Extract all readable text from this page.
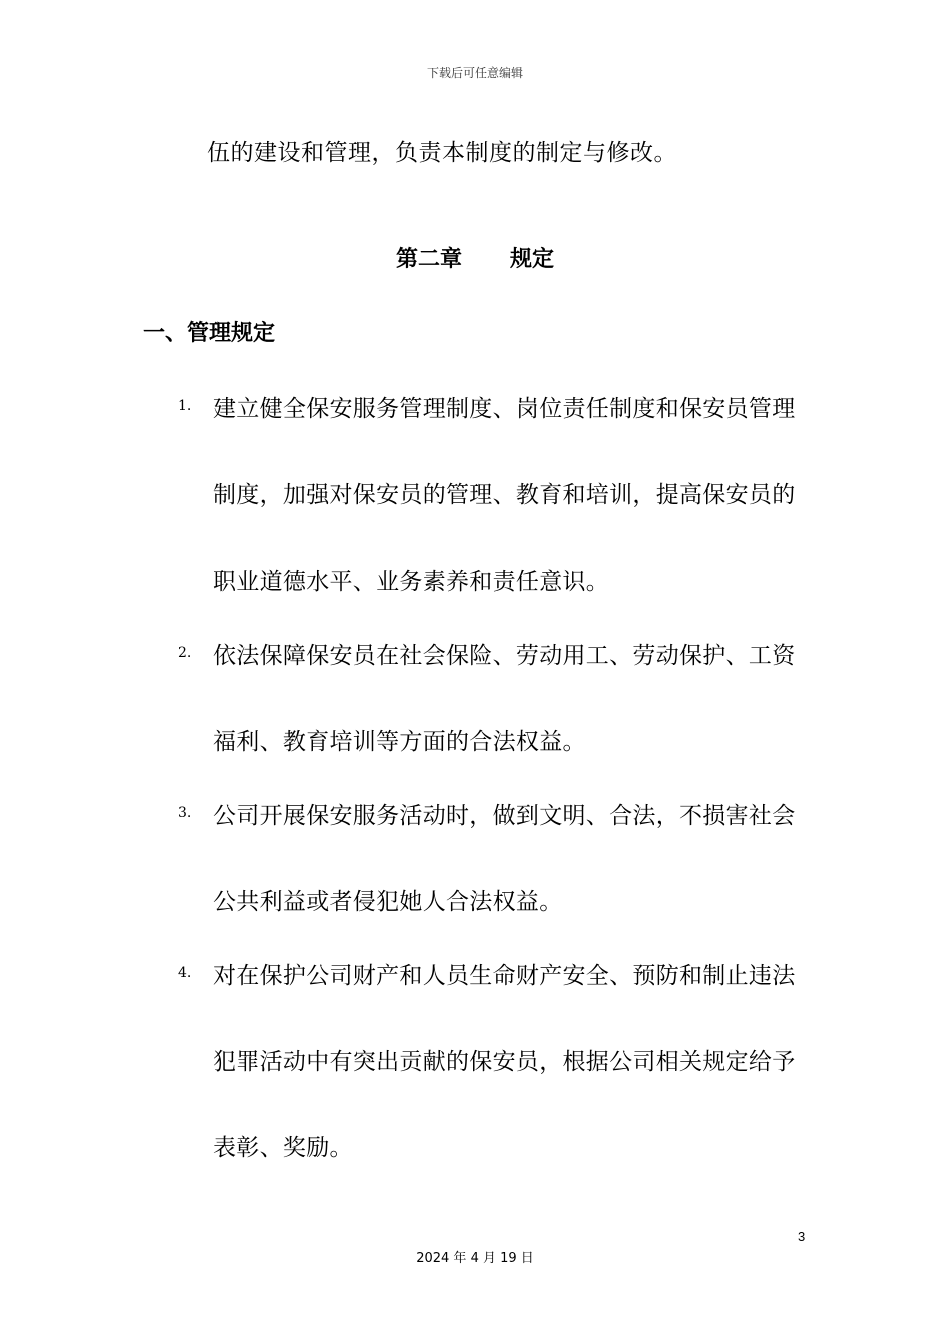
下载后可任意编辑
伍的建设和管理，负责本制度的制定与修改。
第二章 规定
一、管理规定
1. 建立健全保安服务管理制度、岗位责任制度和保安员管理
制度，加强对保安员的管理、教育和培训，提高保安员的
职业道德水平、业务素养和责任意识。
2. 依法保障保安员在社会保险、劳动用工、劳动保护、工资
福利、教育培训等方面的合法权益。
3. 公司开展保安服务活动时，做到文明、合法，不损害社会
公共利益或者侵犯她人合法权益。
4. 对在保护公司财产和人员生命财产安全、预防和制止违法
犯罪活动中有突出贡献的保安员，根据公司相关规定给予
表彰、奖励。
3
2024 年 4 月 19 日
